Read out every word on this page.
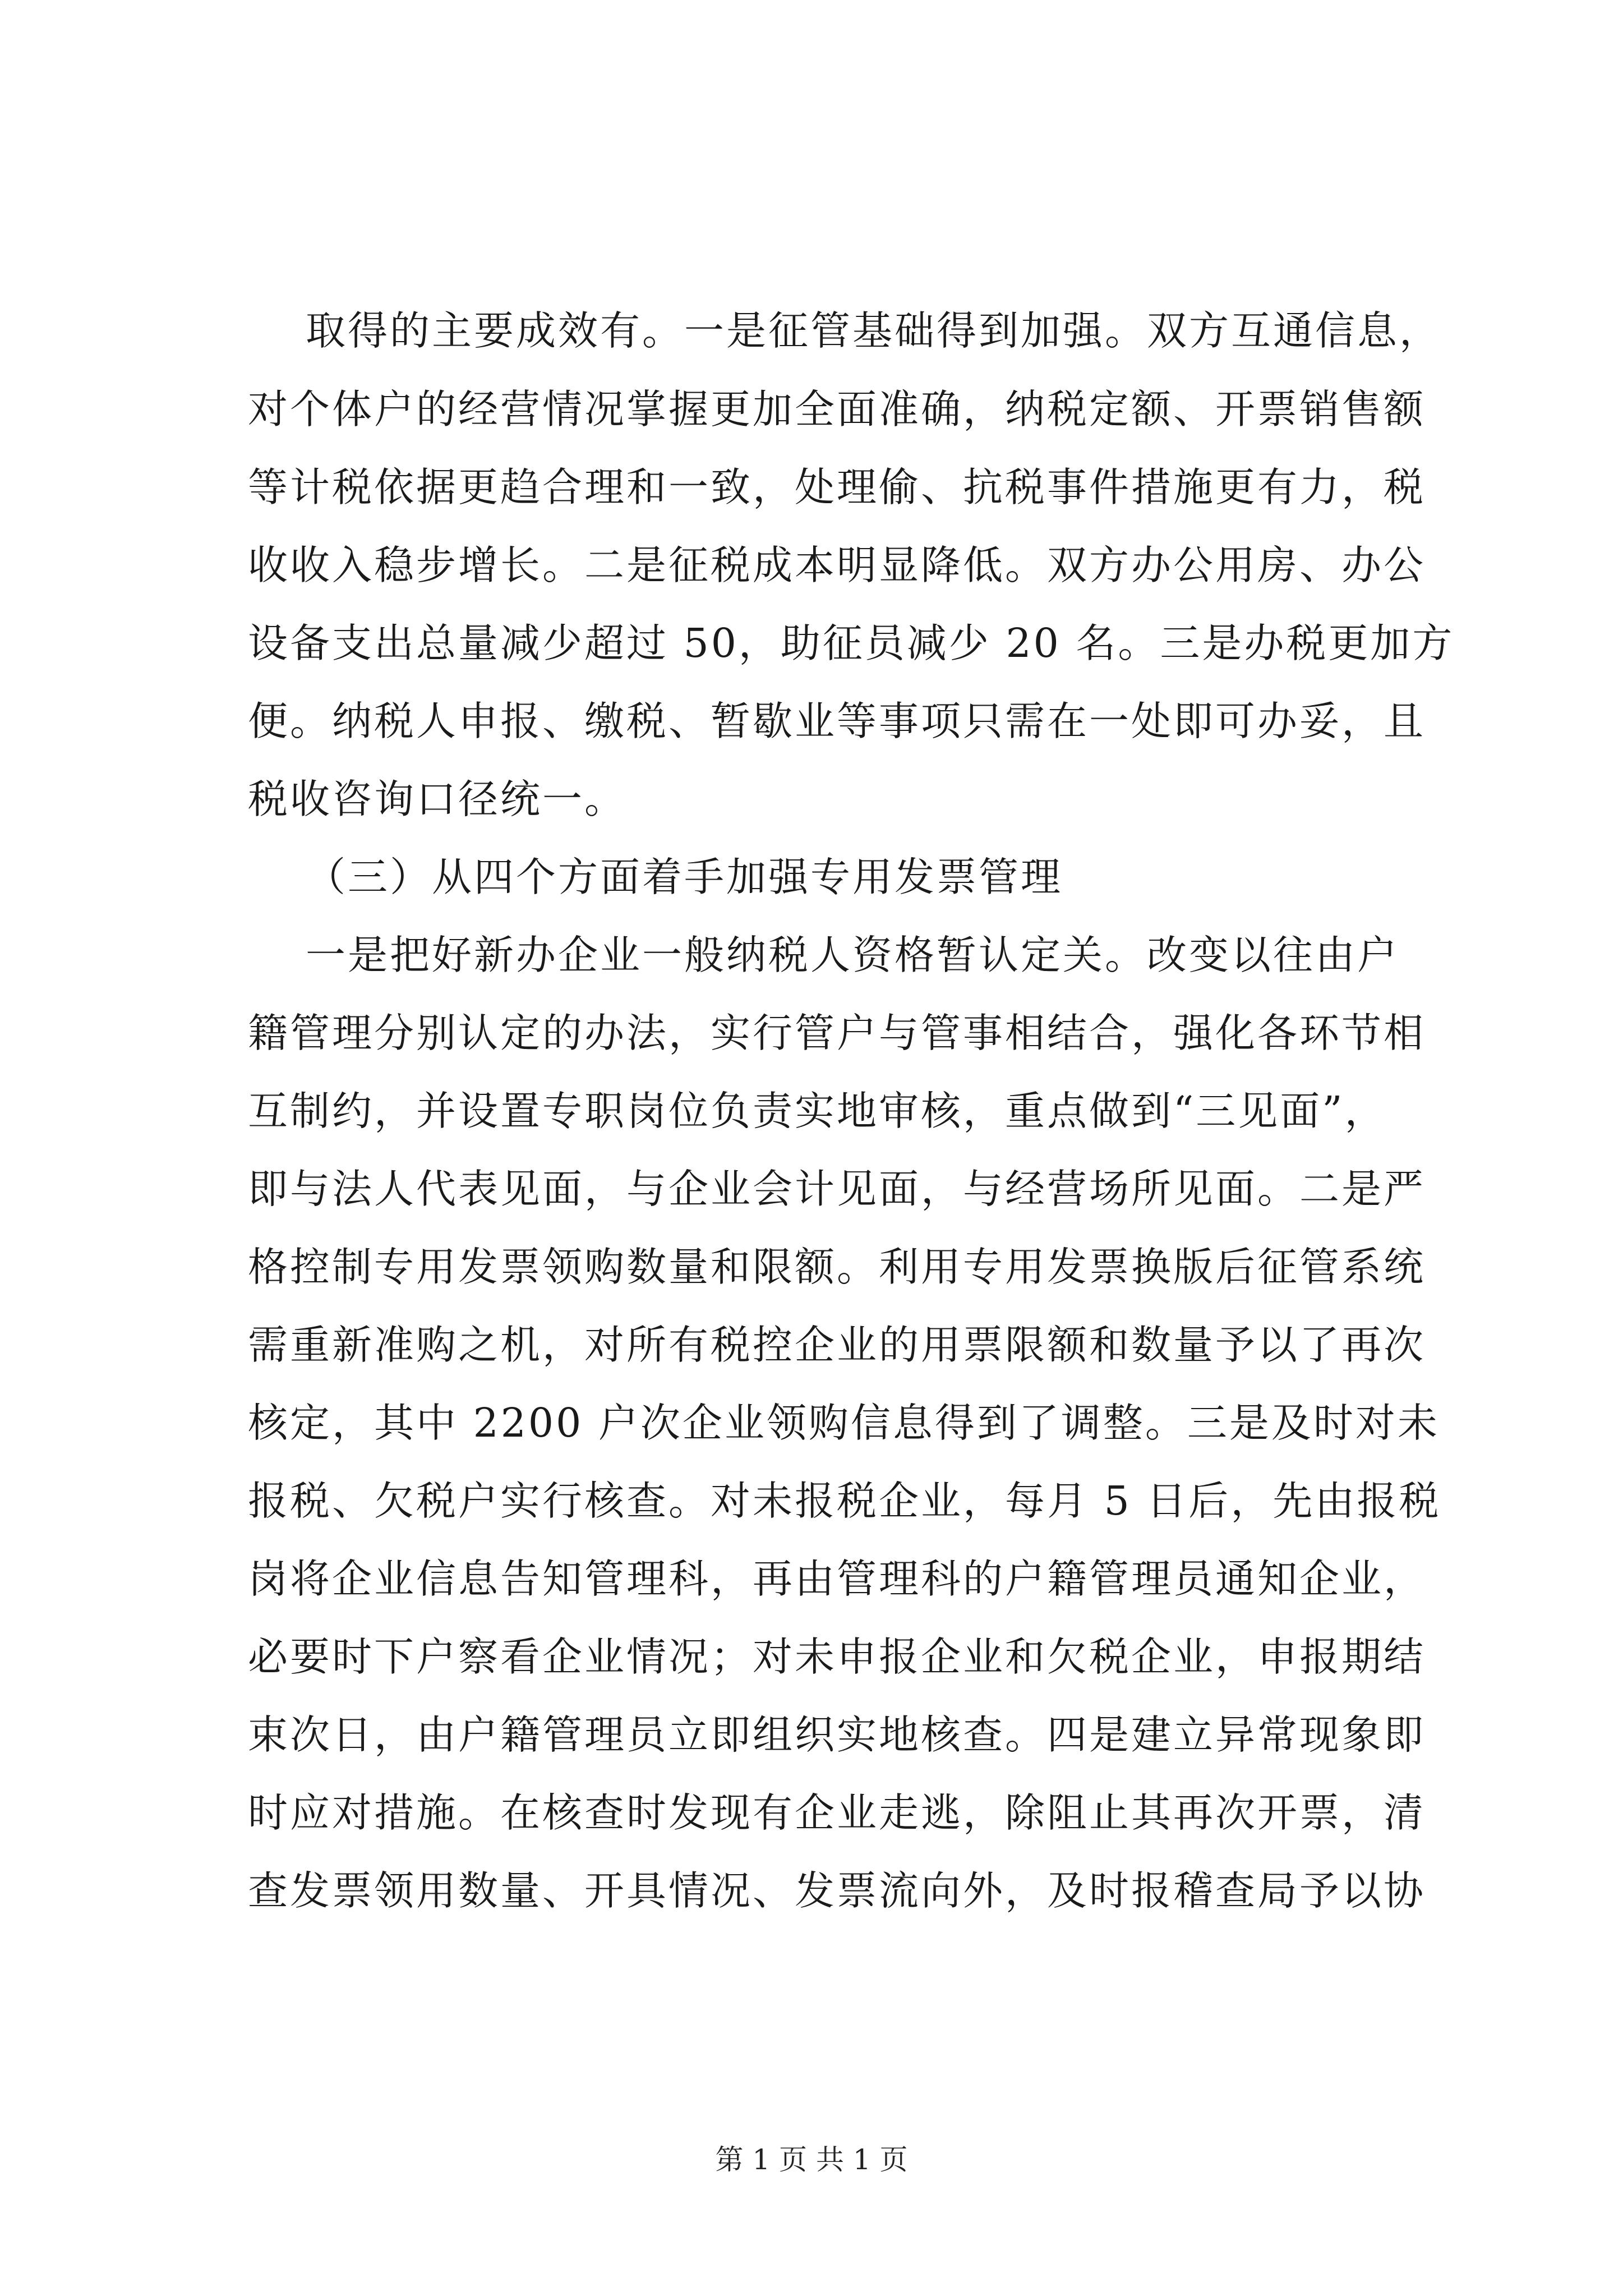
取得的主要成效有。一是征管基础得到加强。双方互通信息，
对个体户的经营情况掌握更加全面准确，纳税定额、开票销售额
等计税依据更趋合理和一致，处理偷、抗税事件措施更有力，税
收收入稳步增长。二是征税成本明显降低。双方办公用房、办公
设备支出总量减少超过 50，助征员减少 20 名。三是办税更加方
便。纳税人申报、缴税、暂歇业等事项只需在一处即可办妥，且
税收咨询口径统一。
（三）从四个方面着手加强专用发票管理
一是把好新办企业一般纳税人资格暂认定关。改变以往由户
籍管理分别认定的办法，实行管户与管事相结合，强化各环节相
互制约，并设置专职岗位负责实地审核，重点做到“三见面”，
即与法人代表见面，与企业会计见面，与经营场所见面。二是严
格控制专用发票领购数量和限额。利用专用发票换版后征管系统
需重新准购之机，对所有税控企业的用票限额和数量予以了再次
核定，其中 2200 户次企业领购信息得到了调整。三是及时对未
报税、欠税户实行核查。对未报税企业，每月 5 日后，先由报税
岗将企业信息告知管理科，再由管理科的户籍管理员通知企业，
必要时下户察看企业情况；对未申报企业和欠税企业，申报期结
束次日，由户籍管理员立即组织实地核查。四是建立异常现象即
时应对措施。在核查时发现有企业走逃，除阻止其再次开票，清
查发票领用数量、开具情况、发票流向外，及时报稽查局予以协
第 1 页 共 1 页
